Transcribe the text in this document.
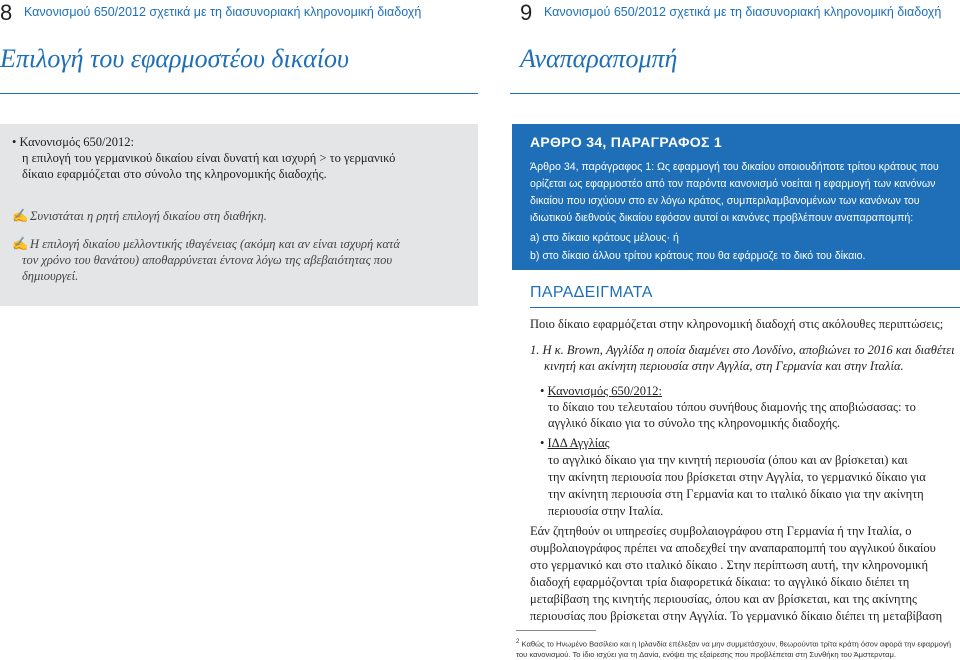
8 Κανονισμού 650/2012 σχετικά με τη διασυνοριακή κληρονομική διαδοχή
Επιλογή του εφαρμοστέου δικαίου
• Κανονισμός 650/2012:
η επιλογή του γερμανικού δικαίου είναι δυνατή και ισχυρή > το γερμανικό
δίκαιο εφαρμόζεται στο σύνολο της κληρονομικής διαδοχής.
✍ Συνιστάται η ρητή επιλογή δικαίου στη διαθήκη.
✍ Η επιλογή δικαίου μελλοντικής ιθαγένειας (ακόμη και αν είναι ισχυρή κατά
τον χρόνο του θανάτου) αποθαρρύνεται έντονα λόγω της αβεβαιότητας που
δημιουργεί.
9 Κανονισμού 650/2012 σχετικά με τη διασυνοριακή κληρονομική διαδοχή
Αναπαραπομπή
ΑΡΘΡΟ 34, ΠΑΡΑΓΡΑΦΟΣ 1
Άρθρο 34, παράγραφος 1: Ως εφαρμογή του δικαίου οποιουδήποτε τρίτου κράτους που
ορίζεται ως εφαρμοστέο από τον παρόντα κανονισμό νοείται η εφαρμογή των κανόνων
δικαίου που ισχύουν στο εν λόγω κράτος, συμπεριλαμβανομένων των κανόνων του
ιδιωτικού διεθνούς δικαίου εφόσον αυτοί οι κανόνες προβλέπουν αναπαραπομπή:
a) στο δίκαιο κράτους μέλους· ή
b) στο δίκαιο άλλου τρίτου κράτους που θα εφάρμοζε το δικό του δίκαιο.
ΠΑΡΑΔΕΙΓΜΑΤΑ
Ποιο δίκαιο εφαρμόζεται στην κληρονομική διαδοχή στις ακόλουθες περιπτώσεις;
1. Η κ. Brown, Αγγλίδα η οποία διαμένει στο Λονδίνο, αποβιώνει το 2016 και διαθέτει
κινητή και ακίνητη περιουσία στην Αγγλία, στη Γερμανία και στην Ιταλία.
• Κανονισμός 650/2012:
το δίκαιο του τελευταίου τόπου συνήθους διαμονής της αποβιώσασας: το
αγγλικό δίκαιο για το σύνολο της κληρονομικής διαδοχής.
• ΙΔΔ Αγγλίας
το αγγλικό δίκαιο για την κινητή περιουσία (όπου και αν βρίσκεται) και
την ακίνητη περιουσία που βρίσκεται στην Αγγλία, το γερμανικό δίκαιο για
την ακίνητη περιουσία στη Γερμανία και το ιταλικό δίκαιο για την ακίνητη
περιουσία στην Ιταλία.
Εάν ζητηθούν οι υπηρεσίες συμβολαιογράφου στη Γερμανία ή την Ιταλία, ο
συμβολαιογράφος πρέπει να αποδεχθεί την αναπαραπομπή του αγγλικού δικαίου
στο γερμανικό και στο ιταλικό δίκαιο . Στην περίπτωση αυτή, την κληρονομική
διαδοχή εφαρμόζονται τρία διαφορετικά δίκαια: το αγγλικό δίκαιο διέπει τη
μεταβίβαση της κινητής περιουσίας, όπου και αν βρίσκεται, και της ακίνητης
περιουσίας που βρίσκεται στην Αγγλία. Το γερμανικό δίκαιο διέπει τη μεταβίβαση
$^2$ Καθώς το Ηνωμένο Βασίλειο και η Ιρλανδία επέλεξαν να μην συμμετάσχουν, θεωρούνται τρίτα κράτη όσον αφορά την εφαρμογή
του κανονισμού. Το ίδιο ισχύει για τη Δανία, ενόψει της εξαίρεσης που προβλέπεται στη Συνθήκη του Άμστερνταμ.
